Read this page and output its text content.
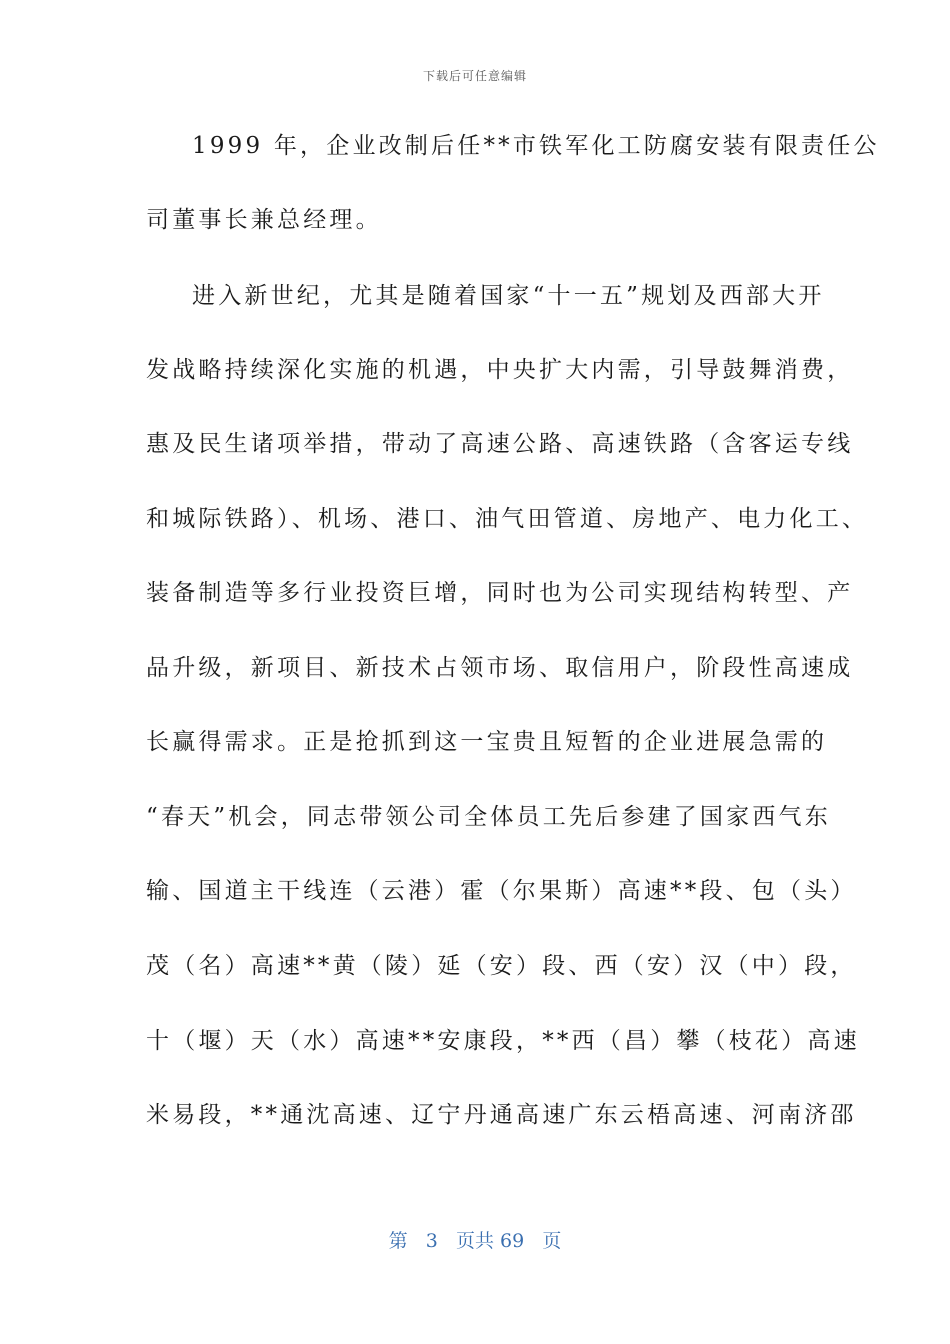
下载后可任意编辑
1999 年，企业改制后任**市铁军化工防腐安装有限责任公
司董事长兼总经理。
进入新世纪，尤其是随着国家“十一五”规划及西部大开
发战略持续深化实施的机遇，中央扩大内需，引导鼓舞消费，
惠及民生诸项举措，带动了高速公路、高速铁路（含客运专线
和城际铁路）、机场、港口、油气田管道、房地产、电力化工、
装备制造等多行业投资巨增，同时也为公司实现结构转型、产
品升级，新项目、新技术占领市场、取信用户，阶段性高速成
长赢得需求。正是抢抓到这一宝贵且短暂的企业进展急需的
“春天”机会，同志带领公司全体员工先后参建了国家西气东
输、国道主干线连（云港）霍（尔果斯）高速**段、包（头）
茂（名）高速**黄（陵）延（安）段、西（安）汉（中）段，
十（堰）天（水）高速**安康段，**西（昌）攀（枝花）高速
米易段，**通沈高速、辽宁丹通高速广东云梧高速、河南济邵
第 3 页共 69 页
